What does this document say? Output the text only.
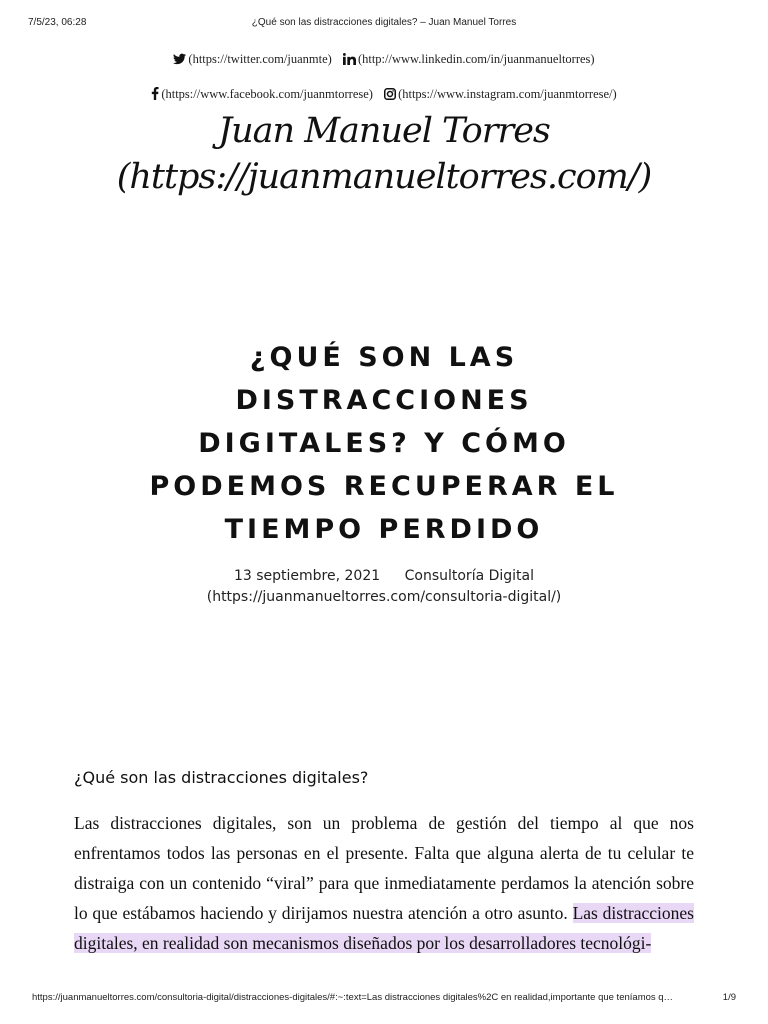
7/5/23, 06:28	¿Qué son las distracciones digitales? – Juan Manuel Torres
(https://twitter.com/juanmte) (http://www.linkedin.com/in/juanmanueltorres)
(https://www.facebook.com/juanmtorrese) (https://www.instagram.com/juanmtorrese/)
Juan Manuel Torres
(https://juanmanueltorres.com/)
¿QUÉ SON LAS DISTRACCIONES DIGITALES? Y CÓMO PODEMOS RECUPERAR EL TIEMPO PERDIDO
13 septiembre, 2021 Consultoría Digital
(https://juanmanueltorres.com/consultoria-digital/)
¿Qué son las distracciones digitales?

Las distracciones digitales, son un problema de gestión del tiempo al que nos enfrentamos todos las personas en el presente. Falta que alguna alerta de tu celular te distraiga con un contenido “viral” para que inmediatamente perdamos la atención sobre lo que estábamos haciendo y dirijamos nuestra atención a otro asunto. Las distracciones digitales, en realidad son mecanismos diseñados por los desarrolladores tecnológi-

https://juanmanueltorres.com/consultoria-digital/distracciones-digitales/#:~:text=Las distracciones digitales%2C en realidad,importante que teníamos q…	1/9
